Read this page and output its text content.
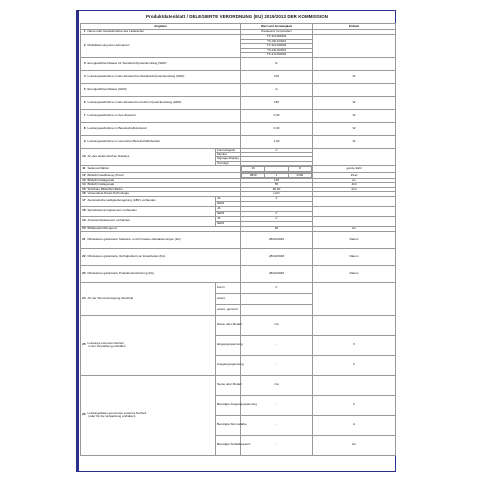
Produktdatenblatt / DELEGIERTE VERORDNUNG (EU) 2019/2013 DER KOMMISSION
Angaben	Wert und Genauigkeit	Einheit
1	Name oder Handelsmarke des Lieferanten	Panasonic Corporation	
2	Modellkennung des Lieferanten	TX-32LSW604	
TX-32LSA604
TX-32LSW604
TX-24LSA604
TX-24LSW604
3	Energieeffizienzklasse für Standard-Dynamikumfang (SDR)	E	
4	Leistungsaufnahme im Ein-Zustand bei Standard-Dynamikumfang (SDR)	100	W
5	Energieeffizienzklasse (HDR)	G	
6	Leistungsaufnahme im Ein-Zustand bei hohem Dynamikumfang (HDR)	155	W
7	Leistungsaufnahme im Aus-Zustand	0,30	W
8	Leistungsaufnahme im Bereitschaftszustand	0,30	W
9	Leistungsaufnahme im vernetzten Bereitschaftsbetrieb	1,00	W
10	Art des elektronischen Displays	Fernsehgerät	✔	
Monitor	
Signage-Display	
Sonstige	
11	Seitenverhältnis		16	:	9
		ganze Zahl
12	Bildschirmauflösung (Pixel)		3840	x	2160
		Pixel
13	Bildschirmdiagonale	138	cm
14	Bildschirmdiagonale	55	Zoll
15	Sichtbare Bildschirmfläche	82,00	dm²
16	Verwendete Panel-Technologie	LCD	
17	Automatische Helligkeitsregelung (ABC) vorhanden	JA	✔	
NEIN	
18	Spracherkennungssensor vorhanden	JA		
NEIN	✔
19	Anwesenheitssensor vorhanden	JA	✔	
NEIN	
20	Bildwiederholfrequenz	50	Hz
21	Mindestens garantierte Software- und Firmware-Aktualisierungen (bis)	28/02/2026	Datum
22	Mindestens garantierte Verfügbarkeit von Ersatzteilen (bis)	28/02/2028	Datum
23	Mindestens garantierte Produktunterstützung (bis)	28/02/2028	Datum
24	Art der Stromversorgung (Netzteil)	intern	✔	
extern	
extern, genormt	
25	Leistungs externes Netzteil
in der Verpackung enthalten	Name oder Modell	n/a	
Eingangsspannung	-	V
Ausgangsspannung	-	V
26	Leistungsdaten genormtes externes Netzteil
(oder für die Verpackung enthalten)	Name oder Modell	n/a	
Benötigte Ausgangsspannung	-	V
Benötigte Stromstärke	-	A
Benötigte Schaltfrequenz	-	Hz
